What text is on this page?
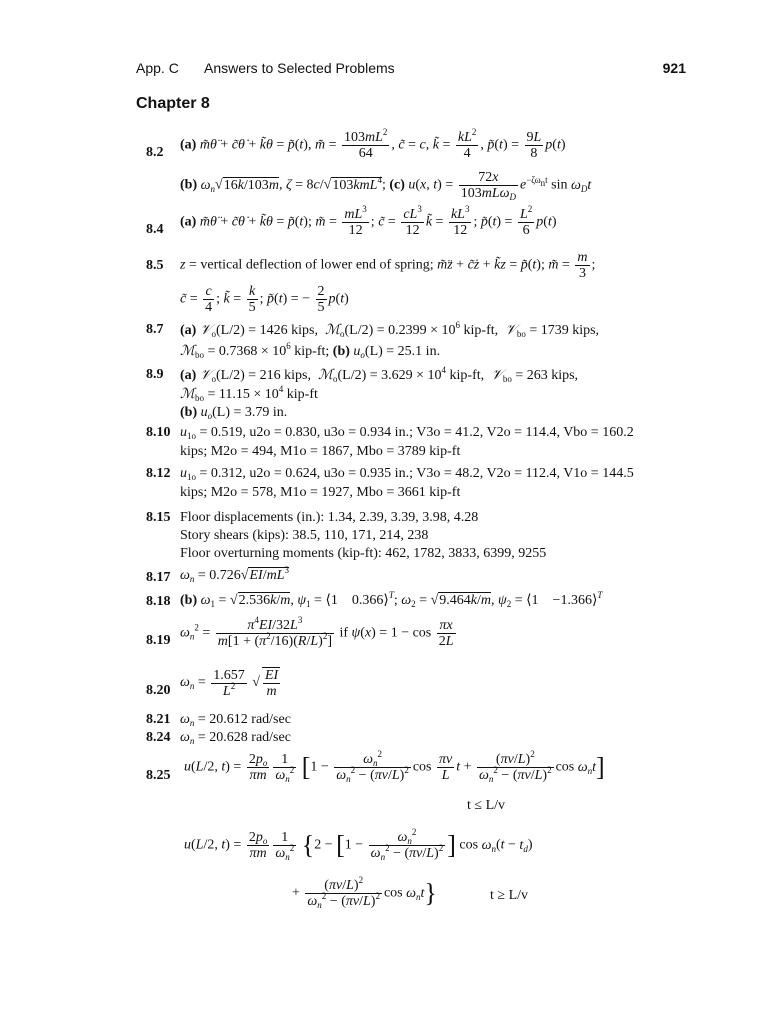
App. C Answers to Selected Problems	921
Chapter 8
8.2 (a) m̃θ̈ + c̃θ̇ + k̃θ = p̃(t), m̃ = $\frac{103mL^2}{64}$ , c̃ = c, k̃ = $\frac{kL^2}{4}$ , p̃(t) = $\frac{9L}{8} p(t)$
(b) $\omega_n√16k/103m$, ζ = 8c/√103kmL$^4$; (c) u(x, $t) = \frac{72x}{103mL\omega_D} e^{-\zeta\omega_nt}$ $\sin \omega_Dt$
8.4 (a) m̃θ̈ + c̃θ̇ + k̃θ = p̃(t); m̃ = $\frac{mL^3}{12}$ ; c̃ = $\frac{cL^3}{12}$ k̃ = $\frac{kL^3}{12}$ ; p̃(t) = $\frac{L^2}{6} p(t)$
8.5 z = vertical deflection of lower end of spring; m̃z̈ + c̃ż + k̃z = p̃(t); m̃ = $\frac{m}{3}$ ;
c̃ = $\frac{c}{4}$ ; k̃ = $\frac{k}{5}$ ; p̃(t) = − $\frac{2}{5} p(t)$
8.7 (a) 𝒱$_o$(L/2) = 1426 kips, ℳ$_o$(L/2) = $0.2399 \times 10^6$ kip-ft,  𝒱$_{bo}$ = 1739 kips,
ℳ$_{bo}$ = $0.7368 \times 10^6$ kip-ft; (b) $u_o(L) = 25.1$ in.
8.9 (a) 𝒱$_o$(L/2) = 216 kips, ℳ$_o$(L/2) = $3.629 \times 10^4$ kip-ft,  𝒱$_{bo}$ = 263 kips,
ℳ$_{bo}$ = $11.15 \times 10^4$ kip-ft
(b) $u_o(L) = 3.79$ in.
8.10 $u_{1o} = 0.519$, u2o = 0.830, u3o = 0.934 in.; V3o = 41.2, V2o = 114.4, Vbo = 160.2
kips; M2o = 494, M1o = 1867, Mbo = 3789 kip-ft
8.12 $u_{1o} = 0.312$, u2o = 0.624, u3o = 0.935 in.; V3o = 48.2, V2o = 112.4, V1o = 144.5
kips; M2o = 578, M1o = 1927, Mbo = 3661 kip-ft
8.15 Floor displacements (in.): 1.34, 2.39, 3.39, 3.98, 4.28
Story shears (kips): 38.5, 110, 171, 214, 238
Floor overturning moments (kip-ft): 462, 1782, 3833, 6399, 9255
8.17 $\omega_n = 0.726√EI/mL^3$
8.18 (b) $\omega_1 = √2.536k/m$, $\psi_1$ = ⟨1    0.366⟩$^T$; $\omega_2 = √9.464k/m$, $\psi_2$ = ⟨1    −1.366⟩$^T$
8.19 $\omega_n^2 = \frac{\pi^4EI/32L^3}{m[1 + (\pi^2/16)(R/L)^2]}$ if $\psi(x) = 1 - \cos \frac{\pi x}{2L}$
8.20
$\omega_n = \frac{1.657}{L^2}$ √ $\frac{EI}{m}$
8.21 $\omega_n = 20.612$ rad/sec
8.24 $\omega_n = 20.628$ rad/sec
8.25
u(L/2, $t) = \frac{2p_o}{\pi m} \frac{1}{\omega_n^2} [1 - \frac{\omega_n^2}{\omega_n^2 - (\pi v/L)^2}$ $\cos \frac{\pi v}{L}$ $t + \frac{(\pi v/L)^2}{\omega_n^2 - (\pi v/L)^2}$ $\cos \omega_nt$]
t ≤ L/v
u(L/2, $t) = \frac{2p_o}{\pi m} \frac{1}{\omega_n^2} \{2 - [1 - \frac{\omega_n^2}{\omega_n^2 - (\pi v/L)^2}$ ] $\cos \omega_n(t - t_d)$
+ $\frac{(\pi v/L)^2}{\omega_n^2 - (\pi v/L)^2}$ $\cos \omega_nt$}	t ≥ L/v
